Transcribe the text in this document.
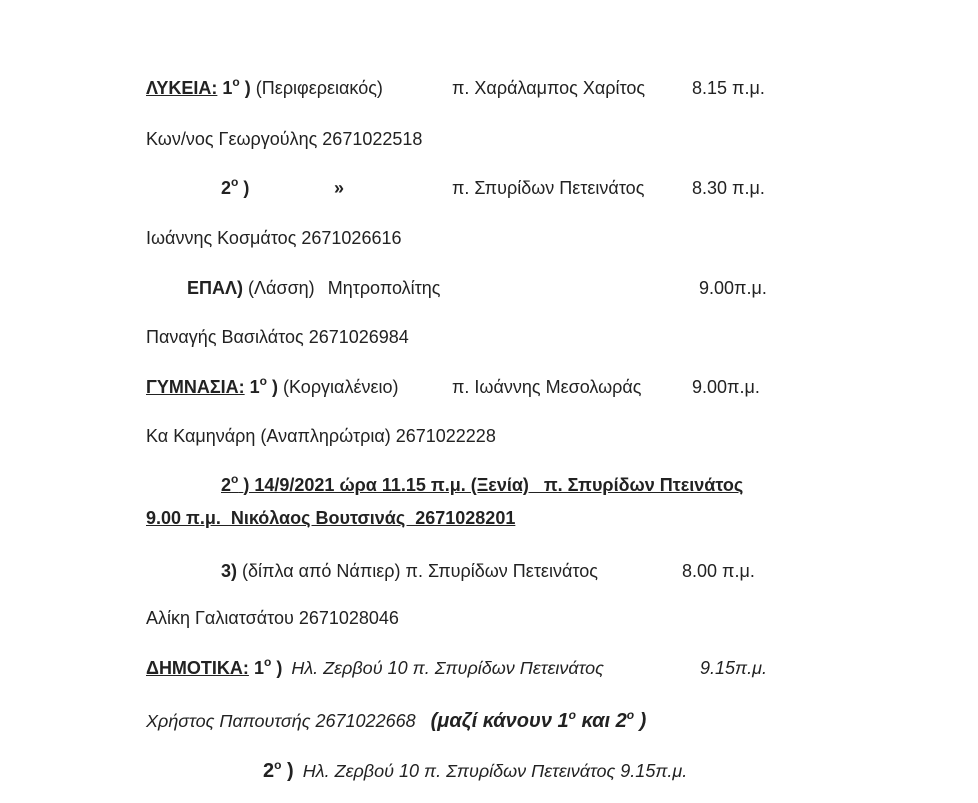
ΛΥΚΕΙΑ: $1^o$ ) (Περιφερειακός)	π. Χαράλαμπος Χαρίτος	8.15 π.μ.
Κων/νος Γεωργούλης 2671022518
$2^o$ )	»	π. Σπυρίδων Πετεινάτος	8.30 π.μ.
Ιωάννης Κοσμάτος 2671026616
ΕΠΑΛ) (Λάσση) Μητροπολίτης	9.00π.μ.
Παναγής Βασιλάτος 2671026984
ΓΥΜΝΑΣΙΑ: $1^o$ ) (Κοργιαλένειο)	π. Ιωάννης Μεσολωράς	9.00π.μ.
Κα Καμηνάρη (Αναπληρώτρια) 2671022228
$2^o$ ) 14/9/2021 ώρα 11.15 π.μ. (Ξενία)   π. Σπυρίδων Πτεινάτος
9.00 π.μ.  Νικόλαος Βουτσινάς  2671028201
3) (δίπλα από Νάπιερ) π. Σπυρίδων Πετεινάτος	8.00 π.μ.
Αλίκη Γαλιατσάτου 2671028046
ΔΗΜΟΤΙΚΑ: $1^o$ ) Ηλ. Ζερβού 10 π. Σπυρίδων Πετεινάτος	9.15π.μ.
Χρήστος Παπουτσής 2671022668 (μαζί κάνουν $1^o$ και $2^o$ )
$2^o$ ) Ηλ. Ζερβού 10 π. Σπυρίδων Πετεινάτος 9.15π.μ.
